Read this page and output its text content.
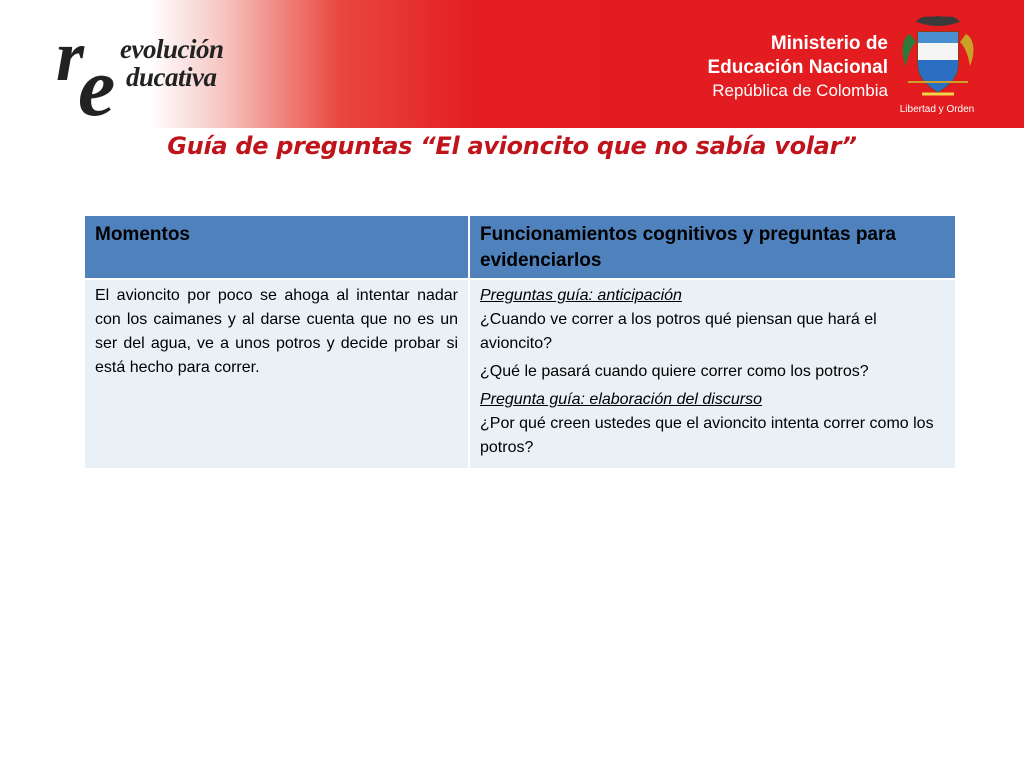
r
e evolución
ducativa
Ministerio de
Educación Nacional
República de Colombia
Libertad y Orden
Guía de preguntas “El avioncito que no sabía volar”
Momentos	Funcionamientos cognitivos y preguntas para evidenciarlos

El avioncito por poco se ahoga al intentar nadar con los caimanes y al darse cuenta que no es un ser del agua, ve a unos potros y decide probar si está hecho para correr.	Preguntas guía: anticipación
¿Cuando ve correr a los potros qué piensan que hará el avioncito?
¿Qué le pasará cuando quiere correr como los potros?
Pregunta guía: elaboración del discurso
¿Por qué creen ustedes que el avioncito intenta correr como los potros?
